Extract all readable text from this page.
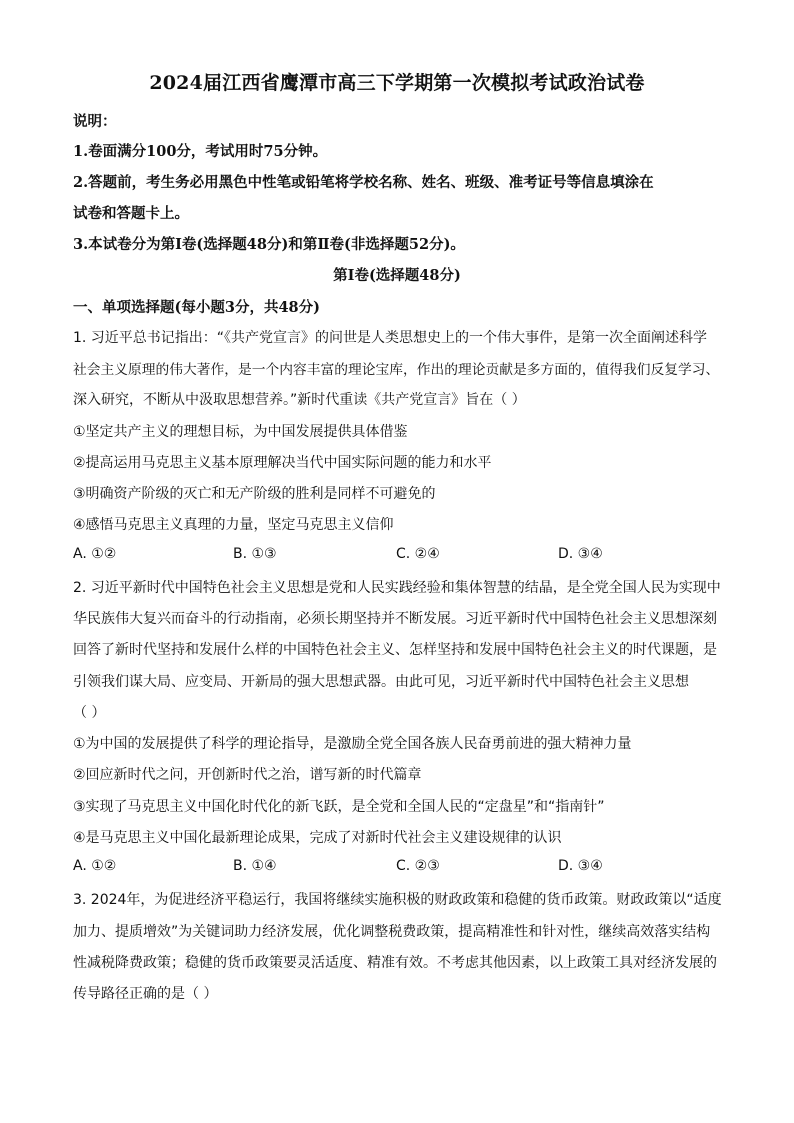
2024届江西省鹰潭市高三下学期第一次模拟考试政治试卷
说明：
1.卷面满分100分，考试用时75分钟。
2.答题前，考生务必用黑色中性笔或铅笔将学校名称、姓名、班级、准考证号等信息填涂在
试卷和答题卡上。
3.本试卷分为第Ⅰ卷(选择题48分)和第Ⅱ卷(非选择题52分)。
第Ⅰ卷(选择题48分)
一、单项选择题(每小题3分，共48分)
1. 习近平总书记指出：“《共产党宣言》的问世是人类思想史上的一个伟大事件，是第一次全面阐述科学
社会主义原理的伟大著作，是一个内容丰富的理论宝库，作出的理论贡献是多方面的，值得我们反复学习、
深入研究，不断从中汲取思想营养。”新时代重读《共产党宣言》旨在（ ）
①坚定共产主义的理想目标，为中国发展提供具体借鉴
②提高运用马克思主义基本原理解决当代中国实际问题的能力和水平
③明确资产阶级的灭亡和无产阶级的胜利是同样不可避免的
④感悟马克思主义真理的力量，坚定马克思主义信仰
A. ①②	B. ①③	C. ②④	D. ③④
2. 习近平新时代中国特色社会主义思想是党和人民实践经验和集体智慧的结晶，是全党全国人民为实现中
华民族伟大复兴而奋斗的行动指南，必须长期坚持并不断发展。习近平新时代中国特色社会主义思想深刻
回答了新时代坚持和发展什么样的中国特色社会主义、怎样坚持和发展中国特色社会主义的时代课题，是
引领我们谋大局、应变局、开新局的强大思想武器。由此可见，习近平新时代中国特色社会主义思想
（ ）
①为中国的发展提供了科学的理论指导，是激励全党全国各族人民奋勇前进的强大精神力量
②回应新时代之问，开创新时代之治，谱写新的时代篇章
③实现了马克思主义中国化时代化的新飞跃，是全党和全国人民的“定盘星”和“指南针”
④是马克思主义中国化最新理论成果，完成了对新时代社会主义建设规律的认识
A. ①②	B. ①④	C. ②③	D. ③④
3. 2024年，为促进经济平稳运行，我国将继续实施积极的财政政策和稳健的货币政策。财政政策以“适度
加力、提质增效”为关键词助力经济发展，优化调整税费政策，提高精准性和针对性，继续高效落实结构
性减税降费政策；稳健的货币政策要灵活适度、精准有效。不考虑其他因素，以上政策工具对经济发展的
传导路径正确的是（ ）
